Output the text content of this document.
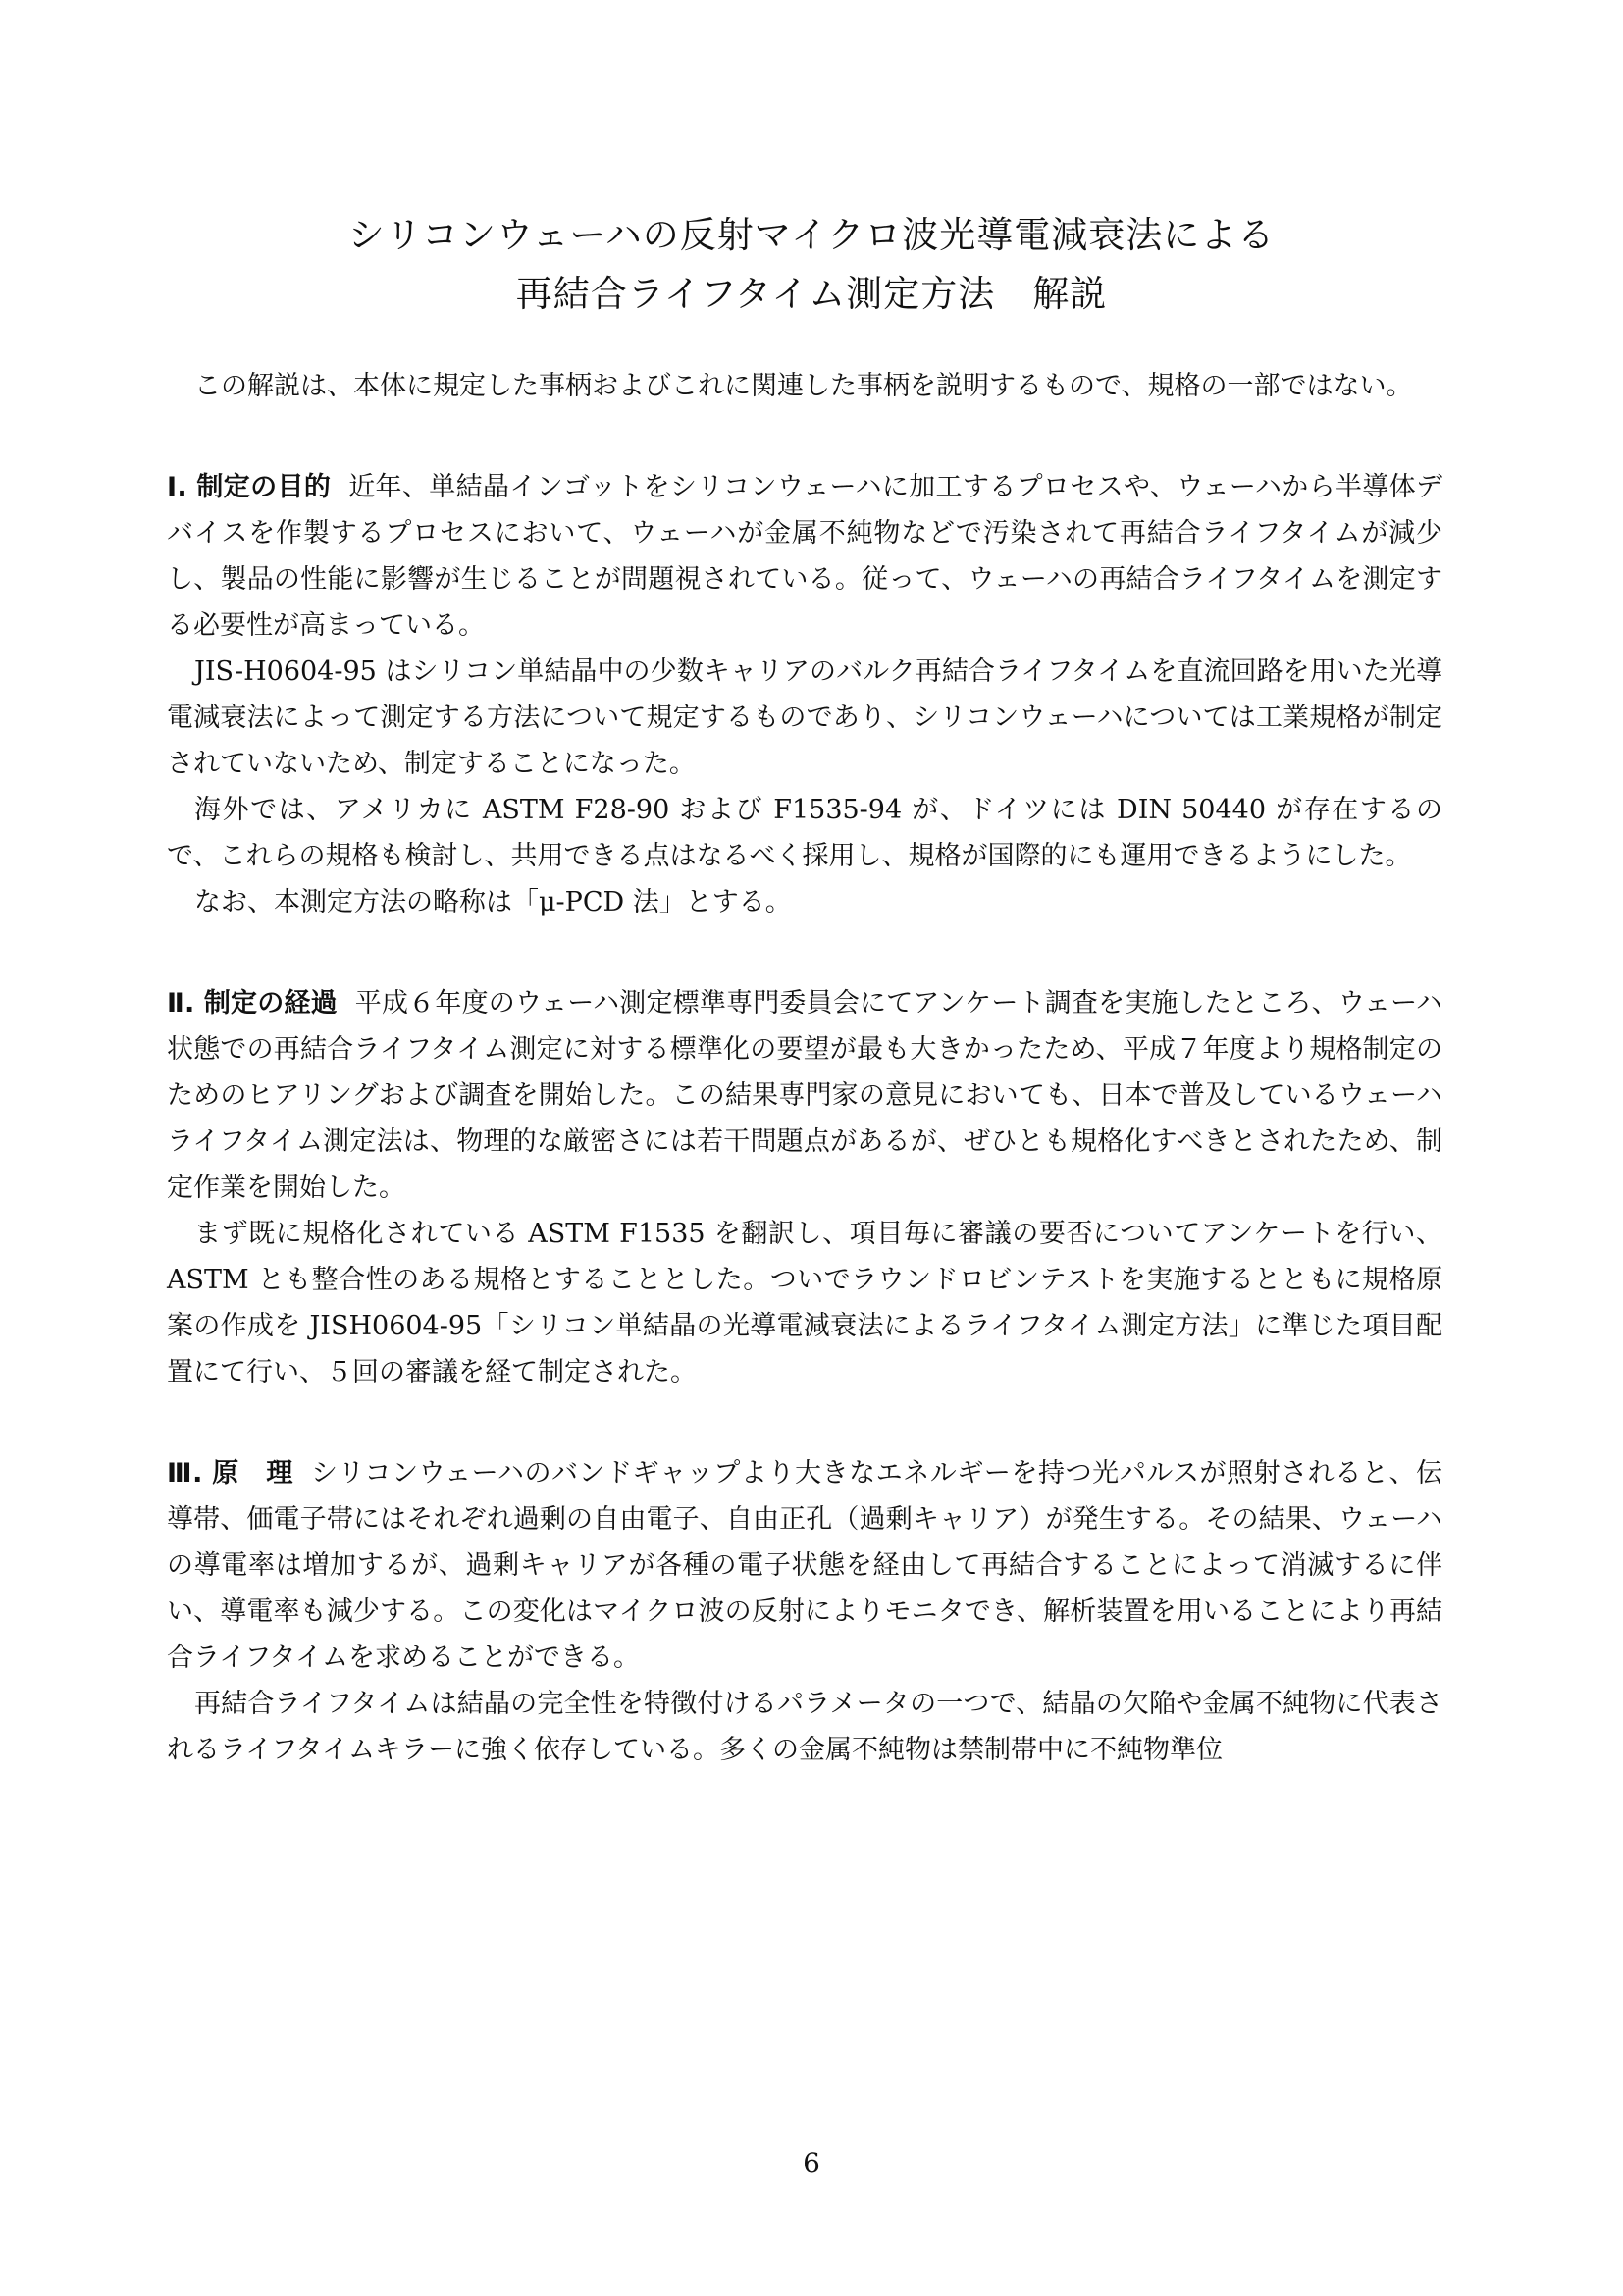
シリコンウェーハの反射マイクロ波光導電減衰法による
再結合ライフタイム測定方法　解説

この解説は、本体に規定した事柄およびこれに関連した事柄を説明するもので、規格の一部ではない。

Ⅰ. 制定の目的 近年、単結晶インゴットをシリコンウェーハに加工するプロセスや、ウェーハから半導体デバイスを作製するプロセスにおいて、ウェーハが金属不純物などで汚染されて再結合ライフタイムが減少し、製品の性能に影響が生じることが問題視されている。従って、ウェーハの再結合ライフタイムを測定する必要性が高まっている。

JIS-H0604-95 はシリコン単結晶中の少数キャリアのバルク再結合ライフタイムを直流回路を用いた光導電減衰法によって測定する方法について規定するものであり、シリコンウェーハについては工業規格が制定されていないため、制定することになった。

海外では、アメリカに ASTM F28-90 および F1535-94 が、ドイツには DIN 50440 が存在するので、これらの規格も検討し、共用できる点はなるべく採用し、規格が国際的にも運用できるようにした。

なお、本測定方法の略称は「μ-PCD 法」とする。

Ⅱ. 制定の経過 平成６年度のウェーハ測定標準専門委員会にてアンケート調査を実施したところ、ウェーハ状態での再結合ライフタイム測定に対する標準化の要望が最も大きかったため、平成７年度より規格制定のためのヒアリングおよび調査を開始した。この結果専門家の意見においても、日本で普及しているウェーハライフタイム測定法は、物理的な厳密さには若干問題点があるが、ぜひとも規格化すべきとされたため、制定作業を開始した。

まず既に規格化されている ASTM F1535 を翻訳し、項目毎に審議の要否についてアンケートを行い、ASTM とも整合性のある規格とすることとした。ついでラウンドロビンテストを実施するとともに規格原案の作成を JISH0604-95「シリコン単結晶の光導電減衰法によるライフタイム測定方法」に準じた項目配置にて行い、５回の審議を経て制定された。

Ⅲ. 原　理 シリコンウェーハのバンドギャップより大きなエネルギーを持つ光パルスが照射されると、伝導帯、価電子帯にはそれぞれ過剰の自由電子、自由正孔（過剰キャリア）が発生する。その結果、ウェーハの導電率は増加するが、過剰キャリアが各種の電子状態を経由して再結合することによって消滅するに伴い、導電率も減少する。この変化はマイクロ波の反射によりモニタでき、解析装置を用いることにより再結合ライフタイムを求めることができる。

再結合ライフタイムは結晶の完全性を特徴付けるパラメータの一つで、結晶の欠陥や金属不純物に代表されるライフタイムキラーに強く依存している。多くの金属不純物は禁制帯中に不純物準位

6
